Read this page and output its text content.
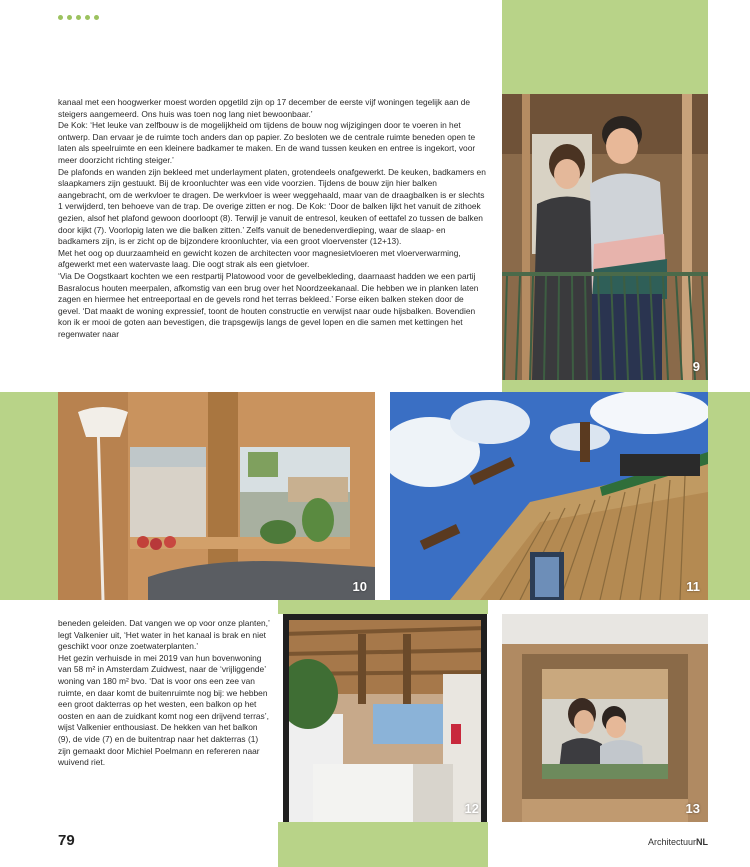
kanaal met een hoogwerker moest worden opgetild zijn op 17 december de eerste vijf woningen tegelijk aan de steigers aangemeerd. Ons huis was toen nog lang niet bewoonbaar.’

De Kok: ‘Het leuke van zelfbouw is de mogelijkheid om tijdens de bouw nog wijzigingen door te voeren in het ontwerp. Dan ervaar je de ruimte toch anders dan op papier. Zo besloten we de centrale ruimte beneden open te laten als speelruimte en een kleinere badkamer te maken. En de wand tussen keuken en entree is ingekort, voor meer doorzicht richting steiger.’

De plafonds en wanden zijn bekleed met underlayment platen, grotendeels onafgewerkt. De keuken, badkamers en slaapkamers zijn gestuukt. Bij de kroonluchter was een vide voorzien. Tijdens de bouw zijn hier balken aangebracht, om de werkvloer te dragen. De werkvloer is weer weggehaald, maar van de draagbalken is er slechts 1 verwijderd, ten behoeve van de trap. De overige zitten er nog. De Kok: ‘Door de balken lijkt het vanuit de zithoek gezien, alsof het plafond gewoon doorloopt (8). Terwijl je vanuit de entresol, keuken of eettafel zo tussen de balken door kijkt (7). Voorlopig laten we die balken zitten.’ Zelfs vanuit de benedenverdieping, waar de slaap- en badkamers zijn, is er zicht op de bijzondere kroonluchter, via een groot vloervenster (12+13).

Met het oog op duurzaamheid en gewicht kozen de architecten voor magnesietvloeren met vloerverwarming, afgewerkt met een watervaste laag. Die oogt strak als een gietvloer.

‘Via De Oogstkaart kochten we een restpartij Platowood voor de gevelbekleding, daarnaast hadden we een partij Basralocus houten meerpalen, afkomstig van een brug over het Noordzeekanaal. Die hebben we in planken laten zagen en hiermee het entreeportaal en de gevels rond het terras bekleed.’ Forse eiken balken steken door de gevel. ‘Dat maakt de woning expressief, toont de houten constructie en verwijst naar oude hijsbalken. Bovendien kon ik er mooi de goten aan bevestigen, die trapsgewijs langs de gevel lopen en die samen met kettingen het regenwater naar

9
10	11

beneden geleiden. Dat vangen we op voor onze planten,’ legt Valkenier uit, ‘Het water in het kanaal is brak en niet geschikt voor onze zoetwaterplanten.’

Het gezin verhuisde in mei 2019 van hun bovenwoning van 58 m² in Amsterdam Zuidwest, naar de ‘vrijliggende’ woning van 180 m² bvo. ‘Dat is voor ons een zee van ruimte, en daar komt de buitenruimte nog bij: we hebben een groot dakterras op het westen, een balkon op het oosten en aan de zuidkant komt nog een drijvend terras’, wijst Valkenier enthousiast. De hekken van het balkon (9), de vide (7) en de buitentrap naar het dakterras (1) zijn gemaakt door Michiel Poelmann en refereren naar wuivend riet.

12	13
79	ArchitectuurNL
